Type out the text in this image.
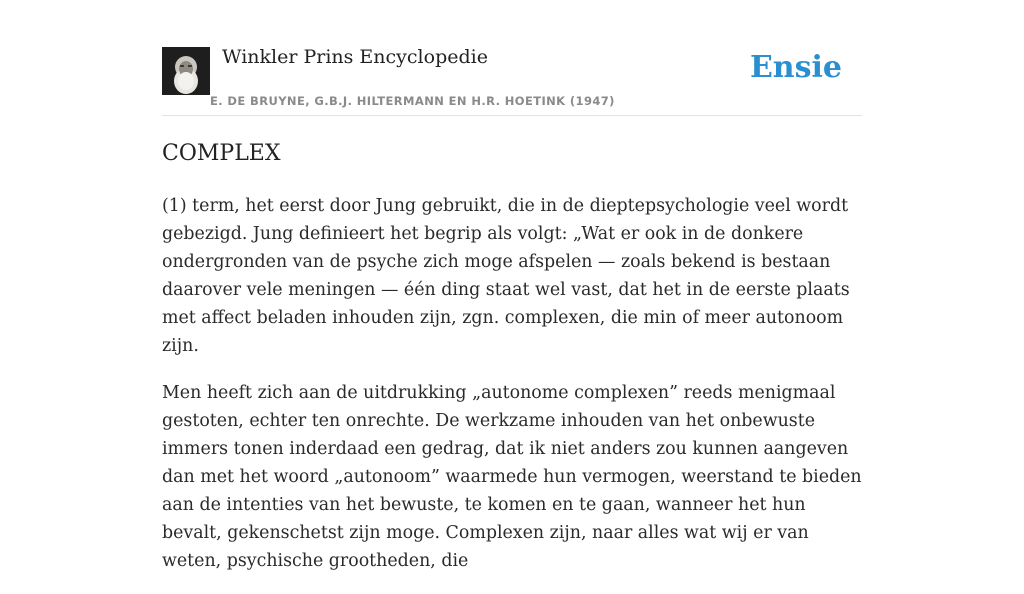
Winkler Prins Encyclopedie
E. DE BRUYNE, G.B.J. HILTERMANN EN H.R. HOETINK (1947)
Ensie
COMPLEX

(1) term, het eerst door Jung gebruikt, die in de dieptepsychologie veel wordt gebezigd. Jung definieert het begrip als volgt: „Wat er ook in de donkere ondergronden van de psyche zich moge afspelen — zoals bekend is bestaan daarover vele meningen — één ding staat wel vast, dat het in de eerste plaats met affect beladen inhouden zijn, zgn. complexen, die min of meer autonoom zijn.

Men heeft zich aan de uitdrukking „autonome complexen” reeds menigmaal gestoten, echter ten onrechte. De werkzame inhouden van het onbewuste immers tonen inderdaad een gedrag, dat ik niet anders zou kunnen aangeven dan met het woord „autonoom” waarmede hun vermogen, weerstand te bieden aan de intenties van het bewuste, te komen en te gaan, wanneer het hun bevalt, gekenschetst zijn moge. Complexen zijn, naar alles wat wij er van weten, psychische grootheden, die
